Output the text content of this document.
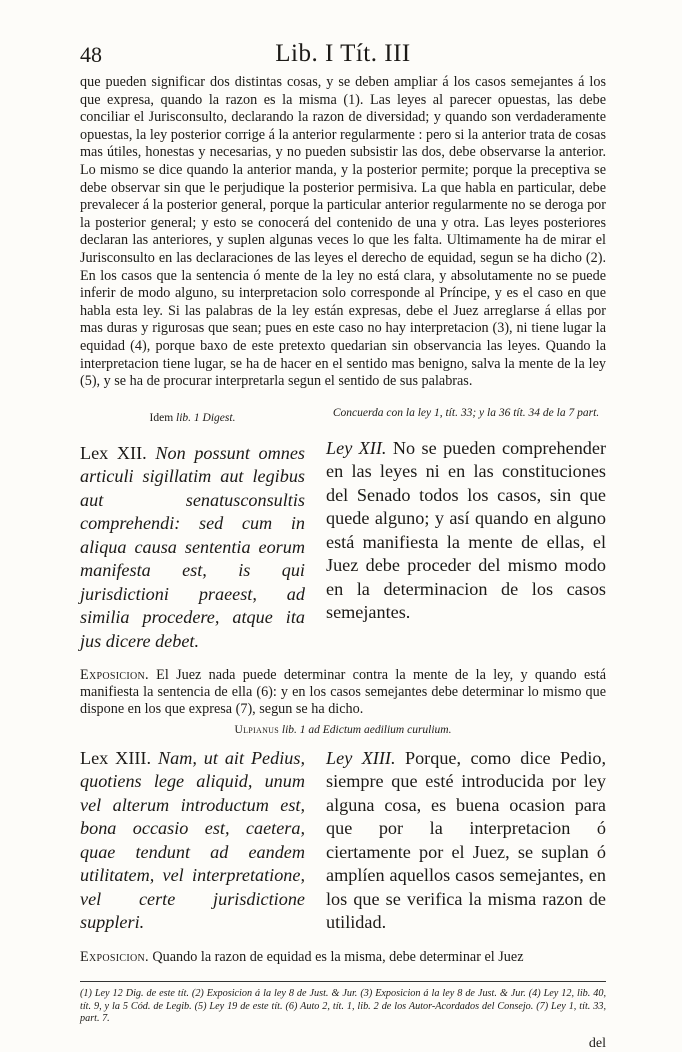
48	Lib. I Tít. III

que pueden significar dos distintas cosas, y se deben ampliar á los casos semejantes á los que expresa, quando la razon es la misma (1). Las leyes al parecer opuestas, las debe conciliar el Jurisconsulto, declarando la razon de diversidad; y quando son verdaderamente opuestas, la ley posterior corrige á la anterior regularmente : pero si la anterior trata de cosas mas útiles, honestas y necesarias, y no pueden subsistir las dos, debe observarse la anterior. Lo mismo se dice quando la anterior manda, y la posterior permite; porque la preceptiva se debe observar sin que le perjudique la posterior permisiva. La que habla en particular, debe prevalecer á la posterior general, porque la particular anterior regularmente no se deroga por la posterior general; y esto se conocerá del contenido de una y otra. Las leyes posteriores declaran las anteriores, y suplen algunas veces lo que les falta. Ultimamente ha de mirar el Jurisconsulto en las declaraciones de las leyes el derecho de equidad, segun se ha dicho (2). En los casos que la sentencia ó mente de la ley no está clara, y absolutamente no se puede inferir de modo alguno, su interpretacion solo corresponde al Príncipe, y es el caso en que habla esta ley. Si las palabras de la ley están expresas, debe el Juez arreglarse á ellas por mas duras y rigurosas que sean; pues en este caso no hay interpretacion (3), ni tiene lugar la equidad (4), porque baxo de este pretexto quedarian sin observancia las leyes. Quando la interpretacion tiene lugar, se ha de hacer en el sentido mas benigno, salva la mente de la ley (5), y se ha de procurar interpretarla segun el sentido de sus palabras.

Idem lib. 1 Digest.

Lex XII. Non possunt omnes articuli sigillatim aut legibus aut senatusconsultis comprehendi: sed cum in aliqua causa sententia eorum manifesta est, is qui jurisdictioni praeest, ad similia procedere, atque ita jus dicere debet.

Concuerda con la ley 1, tít. 33; y la 36 tít. 34 de la 7 part.

Ley XII. No se pueden comprehender en las leyes ni en las constituciones del Senado todos los casos, sin que quede alguno; y así quando en alguno está manifiesta la mente de ellas, el Juez debe proceder del mismo modo en la determinacion de los casos semejantes.

Exposicion. El Juez nada puede determinar contra la mente de la ley, y quando está manifiesta la sentencia de ella (6): y en los casos semejantes debe determinar lo mismo que dispone en los que expresa (7), segun se ha dicho.

Ulpianus lib. 1 ad Edictum aedilium curulium.

Lex XIII. Nam, ut ait Pedius, quotiens lege aliquid, unum vel alterum introductum est, bona occasio est, caetera, quae tendunt ad eandem utilitatem, vel interpretatione, vel certe jurisdictione suppleri.

Ley XIII. Porque, como dice Pedio, siempre que esté introducida por ley alguna cosa, es buena ocasion para que por la interpretacion ó ciertamente por el Juez, se suplan ó amplíen aquellos casos semejantes, en los que se verifica la misma razon de utilidad.

Exposicion. Quando la razon de equidad es la misma, debe determinar el Juez

(1) Ley 12 Dig. de este tít. (2) Exposicion á la ley 8 de Just. & Jur. (3) Exposicion á la ley 8 de Just. & Jur. (4) Ley 12, lib. 40, tít. 9, y la 5 Cód. de Legib. (5) Ley 19 de este tít. (6) Auto 2, tít. 1, lib. 2 de los Autor-Acordados del Consejo. (7) Ley 1, tít. 33, part. 7.

del
